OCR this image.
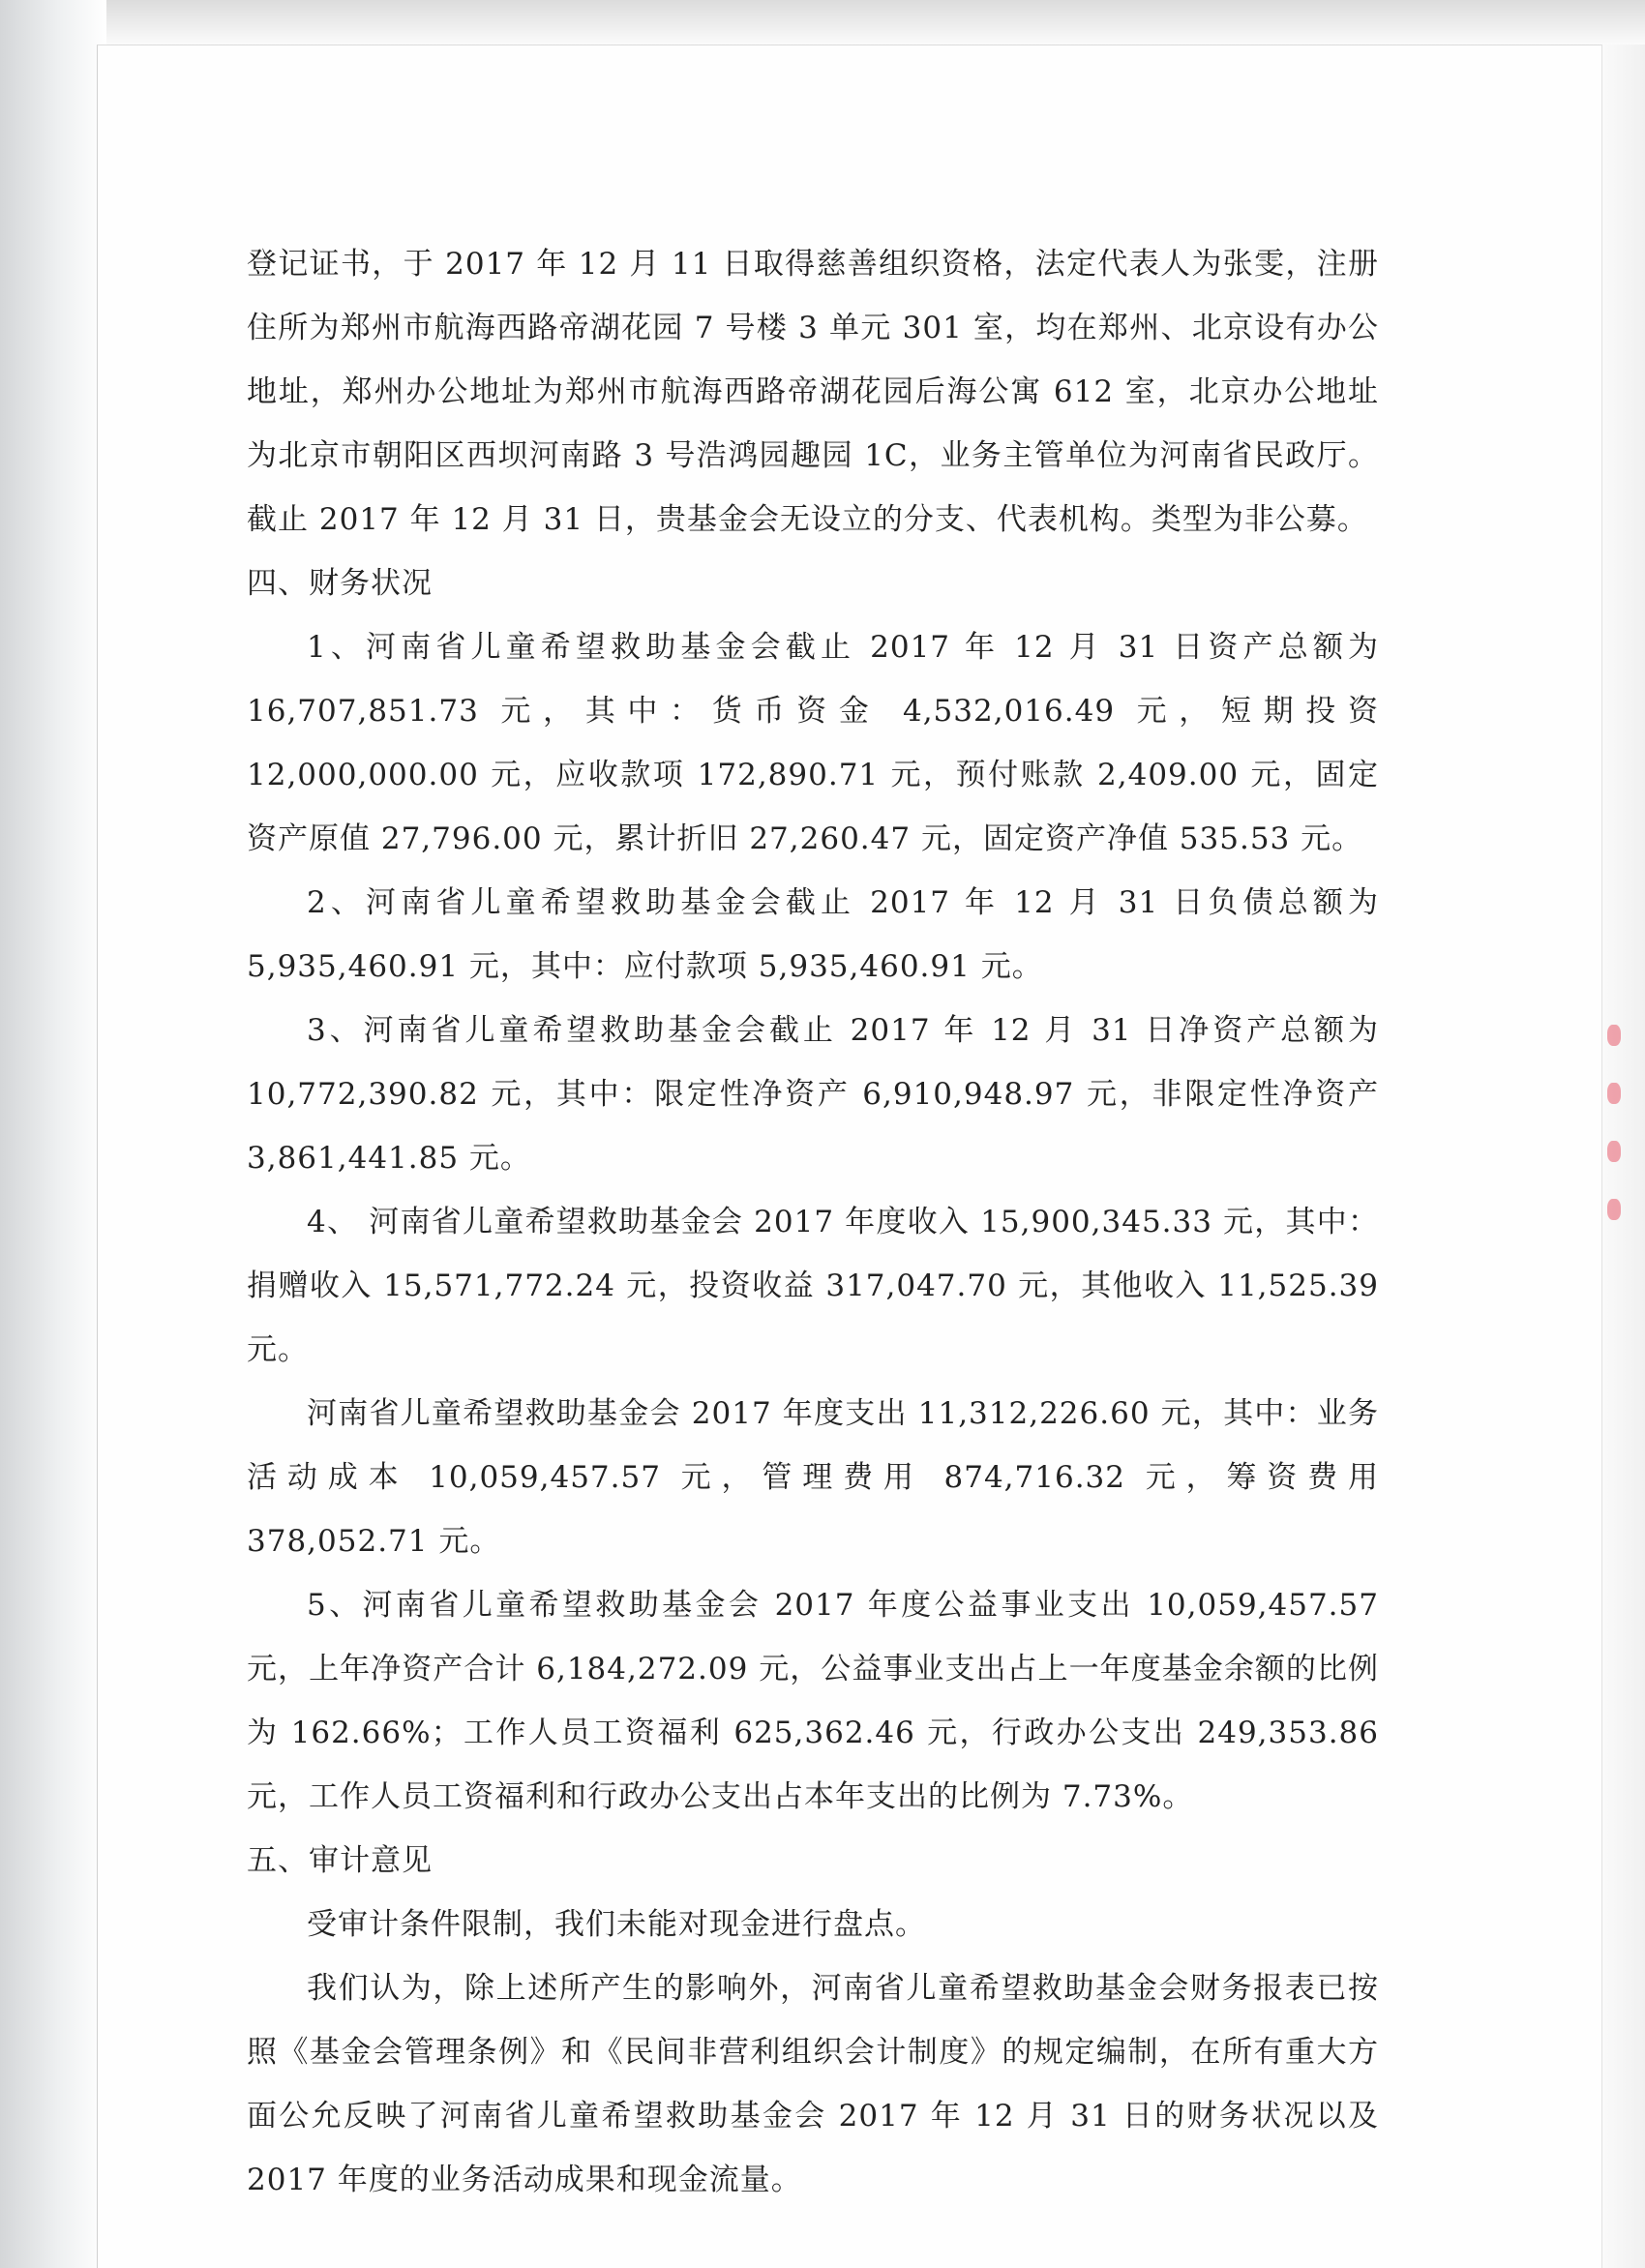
登记证书，于 2017 年 12 月 11 日取得慈善组织资格，法定代表人为张雯，注册住所为郑州市航海西路帝湖花园 7 号楼 3 单元 301 室，均在郑州、北京设有办公地址，郑州办公地址为郑州市航海西路帝湖花园后海公寓 612 室，北京办公地址为北京市朝阳区西坝河南路 3 号浩鸿园趣园 1C，业务主管单位为河南省民政厅。截止 2017 年 12 月 31 日，贵基金会无设立的分支、代表机构。类型为非公募。

四、财务状况

1、河南省儿童希望救助基金会截止 2017 年 12 月 31 日资产总额为 16,707,851.73 元，其中：货币资金 4,532,016.49 元，短期投资 12,000,000.00 元，应收款项 172,890.71 元，预付账款 2,409.00 元，固定资产原值 27,796.00 元，累计折旧 27,260.47 元，固定资产净值 535.53 元。

2、河南省儿童希望救助基金会截止 2017 年 12 月 31 日负债总额为 5,935,460.91 元，其中：应付款项 5,935,460.91 元。

3、河南省儿童希望救助基金会截止 2017 年 12 月 31 日净资产总额为 10,772,390.82 元，其中：限定性净资产 6,910,948.97 元，非限定性净资产 3,861,441.85 元。

4、 河南省儿童希望救助基金会 2017 年度收入 15,900,345.33 元，其中：捐赠收入 15,571,772.24 元，投资收益 317,047.70 元，其他收入 11,525.39 元。

河南省儿童希望救助基金会 2017 年度支出 11,312,226.60 元，其中：业务活动成本 10,059,457.57 元，管理费用 874,716.32 元，筹资费用 378,052.71 元。

5、河南省儿童希望救助基金会 2017 年度公益事业支出 10,059,457.57 元，上年净资产合计 6,184,272.09 元，公益事业支出占上一年度基金余额的比例为 162.66%；工作人员工资福利 625,362.46 元，行政办公支出 249,353.86 元，工作人员工资福利和行政办公支出占本年支出的比例为 7.73%。

五、审计意见

受审计条件限制，我们未能对现金进行盘点。

我们认为，除上述所产生的影响外，河南省儿童希望救助基金会财务报表已按照《基金会管理条例》和《民间非营利组织会计制度》的规定编制，在所有重大方面公允反映了河南省儿童希望救助基金会 2017 年 12 月 31 日的财务状况以及 2017 年度的业务活动成果和现金流量。
